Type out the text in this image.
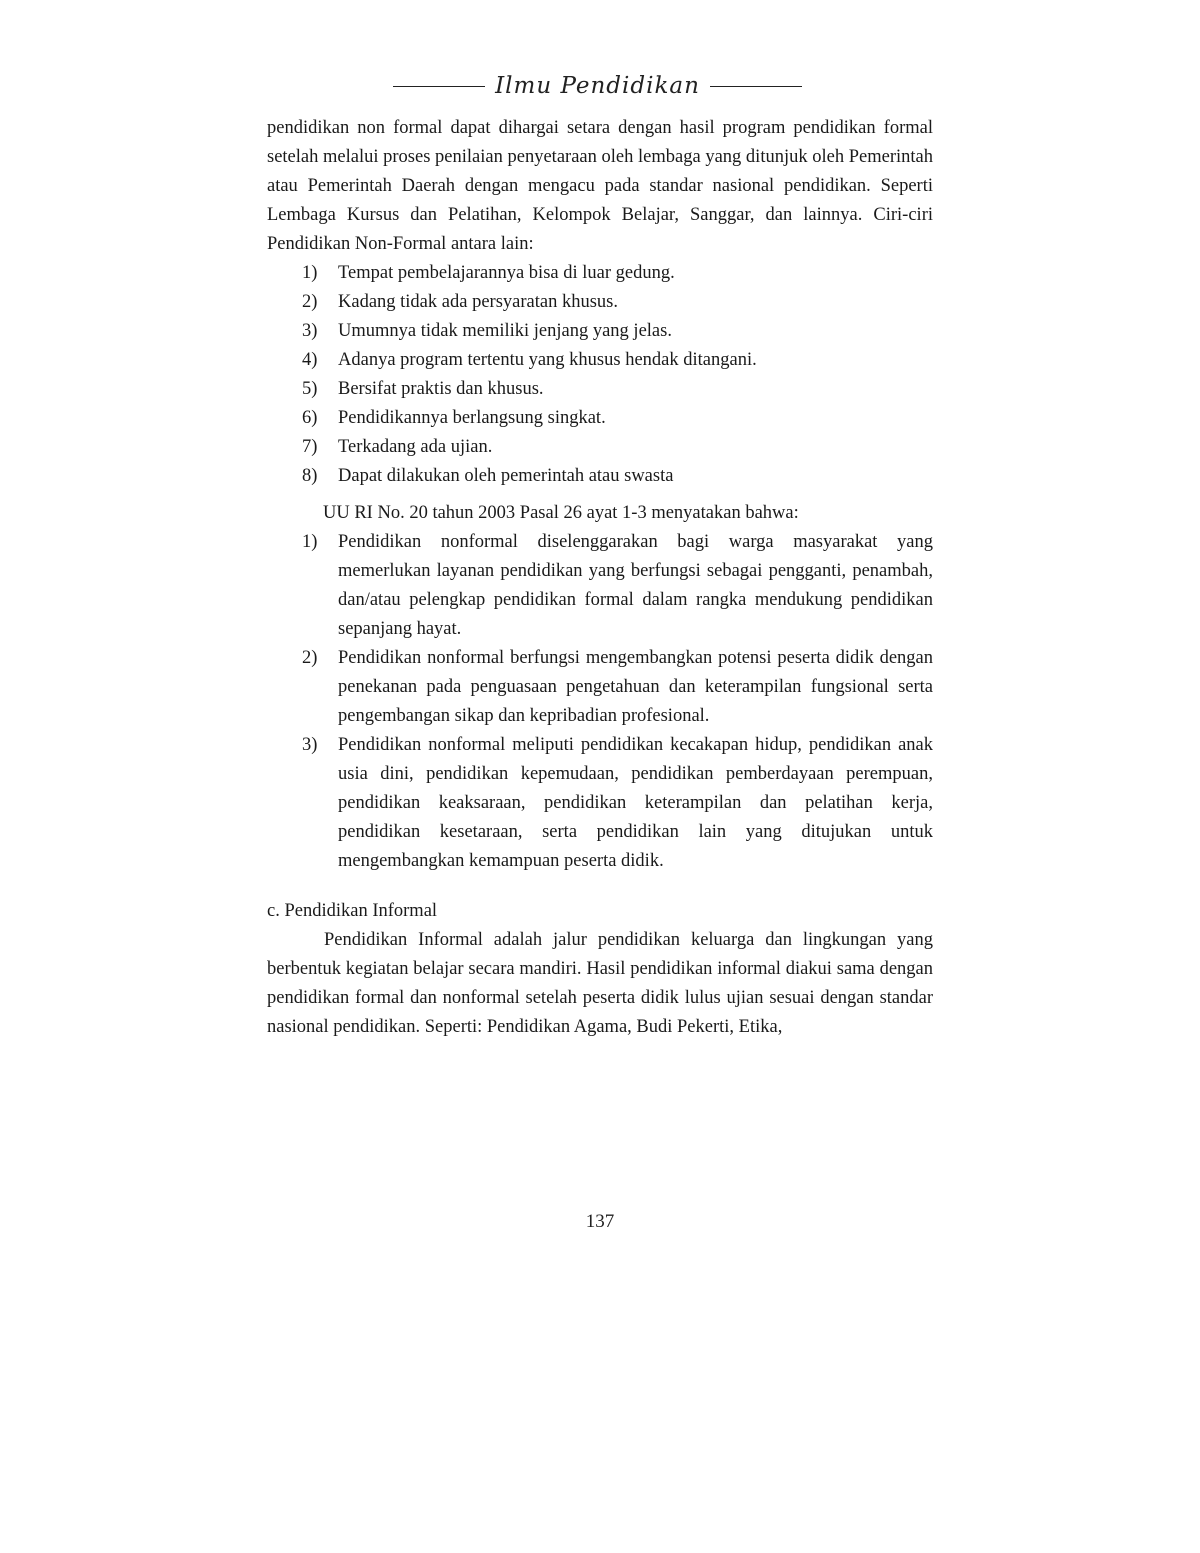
Ilmu Pendidikan

pendidikan non formal dapat dihargai setara dengan hasil program pendidikan formal setelah melalui proses penilaian penyetaraan oleh lembaga yang ditunjuk oleh Pemerintah atau Pemerintah Daerah dengan mengacu pada standar nasional pendidikan. Seperti Lembaga Kursus dan Pelatihan, Kelompok Belajar, Sanggar, dan lainnya. Ciri-ciri Pendidikan Non-Formal antara lain:

1) Tempat pembelajarannya bisa di luar gedung.
2) Kadang tidak ada persyaratan khusus.
3) Umumnya tidak memiliki jenjang yang jelas.
4) Adanya program tertentu yang khusus hendak ditangani.
5) Bersifat praktis dan khusus.
6) Pendidikannya berlangsung singkat.
7) Terkadang ada ujian.
8) Dapat dilakukan oleh pemerintah atau swasta

UU RI No. 20 tahun 2003 Pasal 26 ayat 1-3 menyatakan bahwa:

1) Pendidikan nonformal diselenggarakan bagi warga masyarakat yang memerlukan layanan pendidikan yang berfungsi sebagai pengganti, penambah, dan/atau pelengkap pendidikan formal dalam rangka mendukung pendidikan sepanjang hayat.
2) Pendidikan nonformal berfungsi mengembangkan potensi peserta didik dengan penekanan pada penguasaan pengetahuan dan keterampilan fungsional serta pengembangan sikap dan kepribadian profesional.
3) Pendidikan nonformal meliputi pendidikan kecakapan hidup, pendidikan anak usia dini, pendidikan kepemudaan, pendidikan pemberdayaan perempuan, pendidikan keaksaraan, pendidikan keterampilan dan pelatihan kerja, pendidikan kesetaraan, serta pendidikan lain yang ditujukan untuk mengembangkan kemampuan peserta didik.

c. Pendidikan Informal

Pendidikan Informal adalah jalur pendidikan keluarga dan lingkungan yang berbentuk kegiatan belajar secara mandiri. Hasil pendidikan informal diakui sama dengan pendidikan formal dan nonformal setelah peserta didik lulus ujian sesuai dengan standar nasional pendidikan. Seperti: Pendidikan Agama, Budi Pekerti, Etika,

137
